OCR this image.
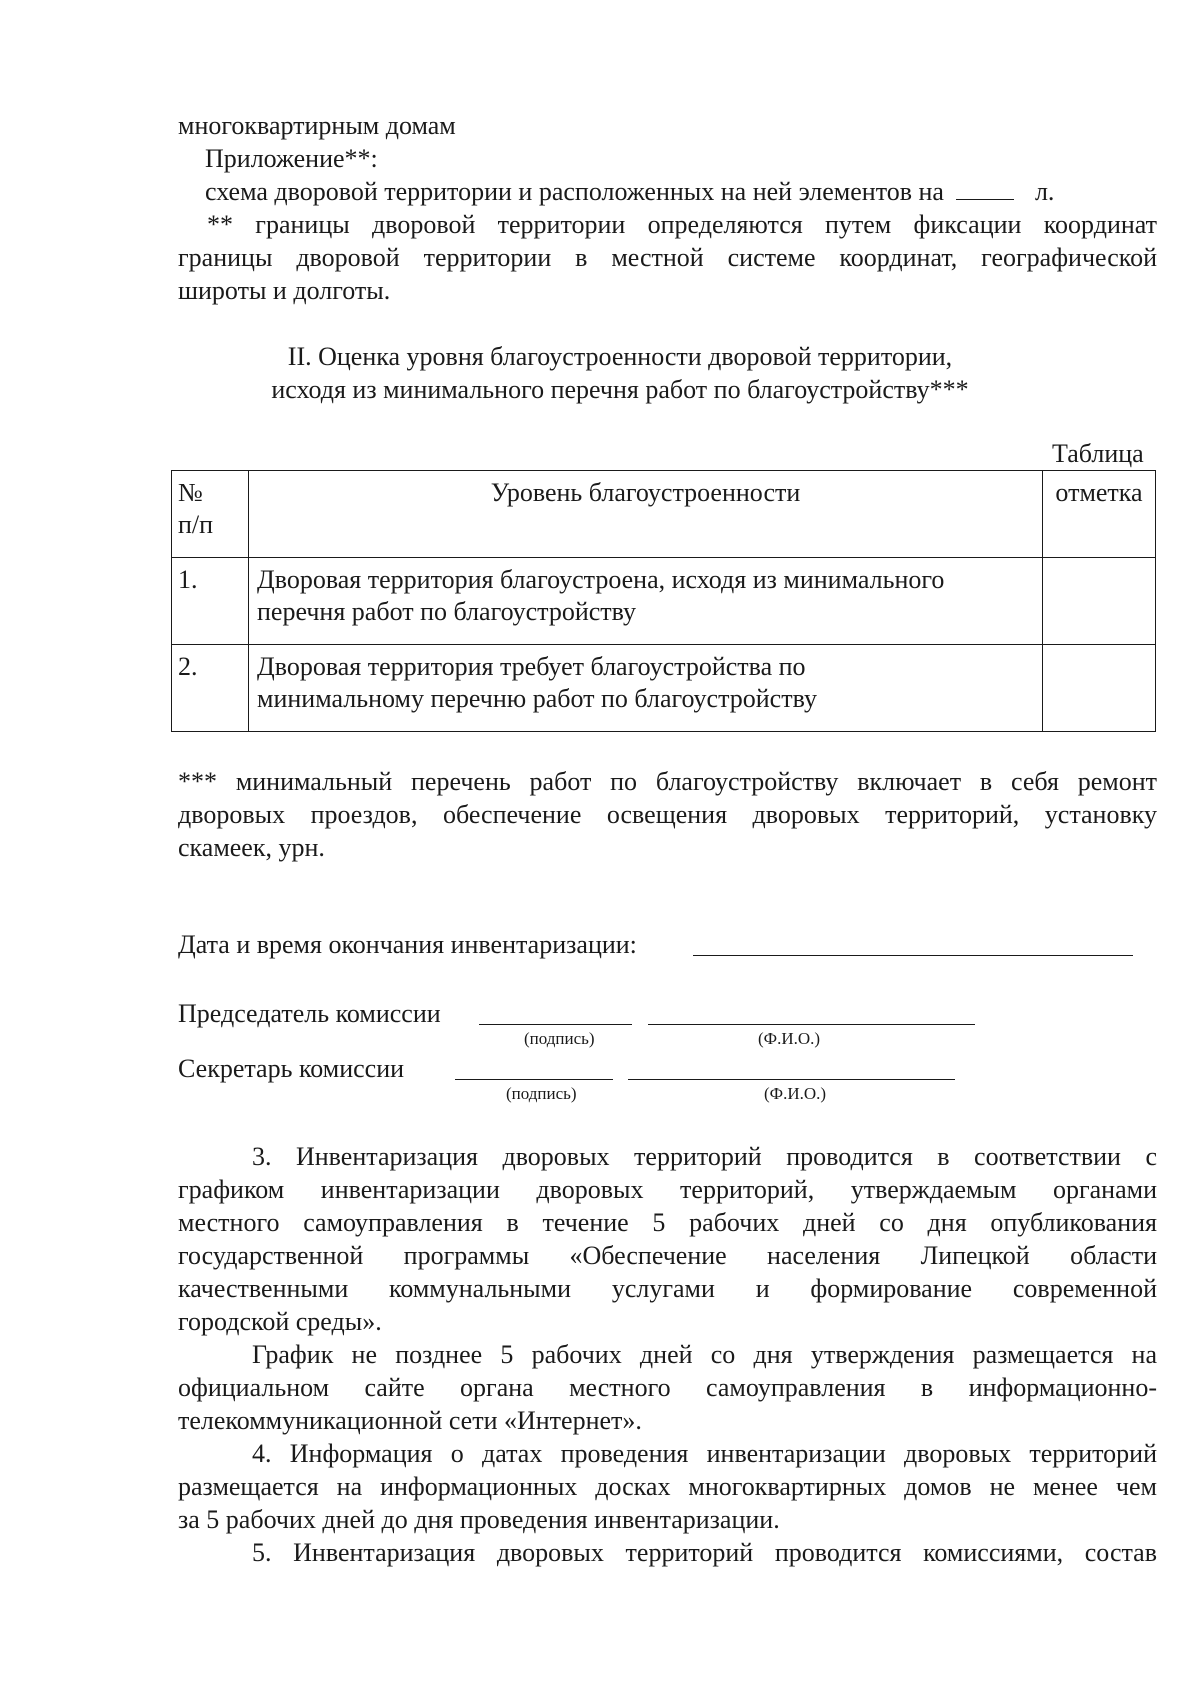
многоквартирным домам
Приложение**:
схема дворовой территории и расположенных на ней элементов на	л.
** границы дворовой территории определяются путем фиксации координат
границы дворовой территории в местной системе координат, географической
широты и долготы.
II. Оценка уровня благоустроенности дворовой территории,
исходя из минимального перечня работ по благоустройству***
Таблица
№
п/п	Уровень благоустроенности	отметка
1.	Дворовая территория благоустроена, исходя из минимального
перечня работ по благоустройству	

2.	Дворовая территория требует благоустройства по
минимальному перечню работ по благоустройству	

*** минимальный перечень работ по благоустройству включает в себя ремонт
дворовых проездов, обеспечение освещения дворовых территорий, установку
скамеек, урн.
Дата и время окончания инвентаризации:
Председатель комиссии
(подпись)	(Ф.И.О.)
Секретарь комиссии
(подпись)	(Ф.И.О.)
3. Инвентаризация дворовых территорий проводится в соответствии с
графиком инвентаризации дворовых территорий, утверждаемым органами
местного самоуправления в течение 5 рабочих дней со дня опубликования
государственной программы «Обеспечение населения Липецкой области
качественными коммунальными услугами и формирование современной
городской среды».
График не позднее 5 рабочих дней со дня утверждения размещается на
официальном сайте органа местного самоуправления в информационно-
телекоммуникационной сети «Интернет».
4. Информация о датах проведения инвентаризации дворовых территорий
размещается на информационных досках многоквартирных домов не менее чем
за 5 рабочих дней до дня проведения инвентаризации.
5. Инвентаризация дворовых территорий проводится комиссиями, состав
